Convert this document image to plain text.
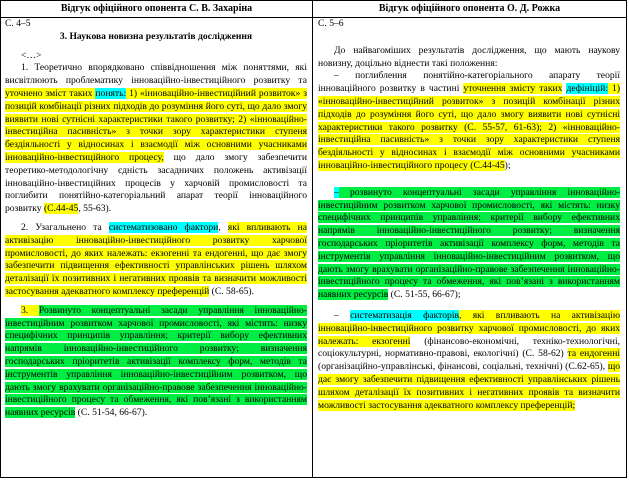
Відгук офіційного опонента С. В. Захаріна	Відгук офіційного опонента О. Д. Рожка

С. 4–5

3. Наукова новизна результатів дослідження

<…>

1. Теоретично впорядковано співвідношення між поняттями, які висвітлюють проблематику інноваційно-інвестиційного розвитку та уточнено зміст таких понять: 1) «інноваційно-інвестиційний розвиток» з позицій комбінації різних підходів до розуміння його суті, що дало змогу виявити нові сутнісні характеристики такого розвитку; 2) «інноваційно-інвестиційна пасивність» з точки зору характеристики ступеня бездіяльності у відносинах і взаємодії між основними учасниками інноваційно-інвестиційного процесу, що дало змогу забезпечити теоретико-методологічну єдність засадничих положень активізації інноваційно-інвестиційних процесів у харчовій промисловості та поглибити понятійно-категоріальний апарат теорії інноваційного розвитку (С.44-45, 55-63).

2. Узагальнено та систематизовано фактори, які впливають на активізацію інноваційно-інвестиційного розвитку харчової промисловості, до яких належать: екзогенні та ендогенні, що дає змогу забезпечити підвищення ефективності управлінських рішень шляхом деталізації їх позитивних і негативних проявів та визначити можливості застосування адекватного комплексу преференцій (С. 58-65).

3. Розвинуто концептуальні засади управління інноваційно-інвестиційним розвитком харчової промисловості, які містять: низку специфічних принципів управління; критерії вибору ефективних напрямів інноваційно-інвестиційного розвитку; визначення господарських пріоритетів активізації комплексу форм, методів та інструментів управління інноваційно-інвестиційним розвитком, що дають змогу врахувати організаційно-правове забезпечення інноваційно-інвестиційного процесу та обмеження, які пов’язані з використанням наявних ресурсів (С. 51-54, 66-67).

С. 5–6

До найвагоміших результатів дослідження, що мають наукову новизну, доцільно віднести такі положення:

– поглиблення понятійно-категоріального апарату теорії інноваційного розвитку в частині уточнення змісту таких дефініцій: 1) «інноваційно-інвестиційний розвиток» з позицій комбінації різних підходів до розуміння його суті, що дало змогу виявити нові сутнісні характеристики такого розвитку (С. 55-57, 61-63); 2) «інноваційно-інвестиційна пасивність» з точки зору характеристики ступеня бездіяльності у відносинах і взаємодії між основними учасниками інноваційно-інвестиційного процесу (С.44-45);

– розвинуто концептуальні засади управління інноваційно-інвестиційним розвитком харчової промисловості, які містять: низку специфічних принципів управління; критерії вибору ефективних напрямів інноваційно-інвестиційного розвитку; визначення господарських пріоритетів активізації комплексу форм, методів та інструментів управління інноваційно-інвестиційним розвитком, що дають змогу врахувати організаційно-правове забезпечення інноваційно-інвестиційного процесу та обмеження, які пов’язані з використанням наявних ресурсів (С. 51-55, 66-67);

– систематизація факторів, які впливають на активізацію інноваційно-інвестиційного розвитку харчової промисловості, до яких належать: екзогенні (фінансово-економічні, техніко-технологічні, соціокультурні, нормативно-правові, екологічні) (С. 58-62) та ендогенні (організаційно-управлінські, фінансові, соціальні, технічні) (С.62-65), що дає змогу забезпечити підвищення ефективності управлінських рішень шляхом деталізації їх позитивних і негативних проявів та визначити можливості застосування адекватного комплексу преференцій;
